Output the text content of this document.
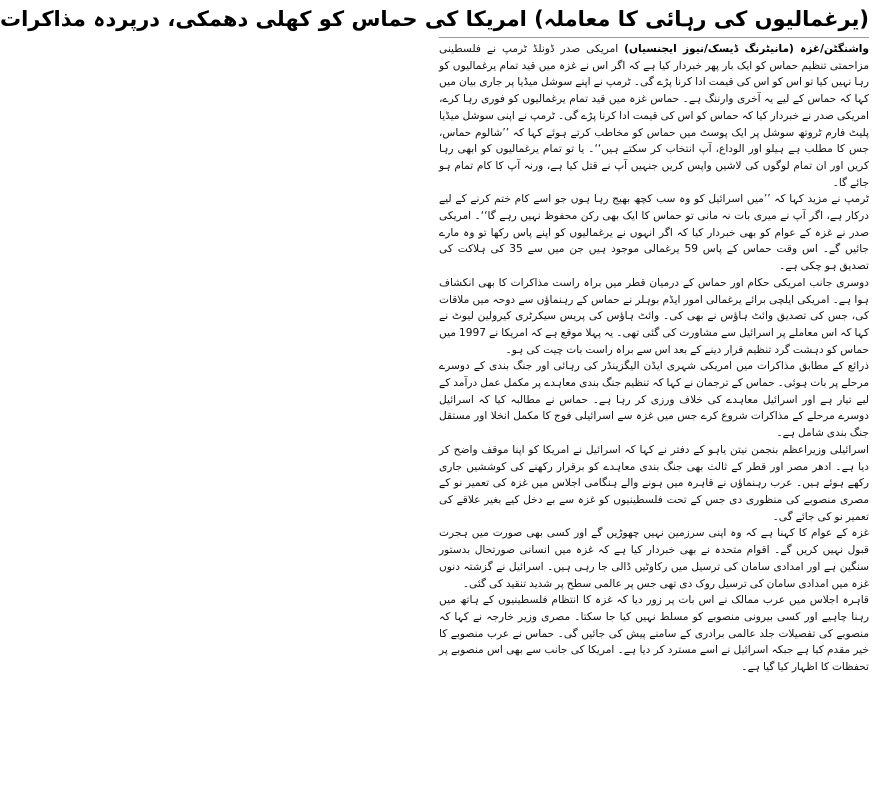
(یرغمالیوں کی رہائی کا معاملہ) امریکا کی حماس کو کھلی دھمکی، درپردہ مذاکرات

واشنگٹن/غزہ (مانیٹرنگ ڈیسک/نیوز ایجنسیاں) امریکی صدر ڈونلڈ ٹرمپ نے فلسطینی مزاحمتی تنظیم حماس کو ایک بار پھر خبردار کیا ہے کہ اگر اس نے غزہ میں قید تمام یرغمالیوں کو رہا نہیں کیا تو اس کو اس کی قیمت ادا کرنا پڑے گی۔ ٹرمپ نے اپنے سوشل میڈیا پر جاری بیان میں کہا کہ حماس کے لیے یہ آخری وارننگ ہے۔ حماس غزہ میں قید تمام یرغمالیوں کو فوری رہا کرے، امریکی صدر نے خبردار کیا کہ حماس کو اس کی قیمت ادا کرنا پڑے گی۔ ٹرمپ نے اپنی سوشل میڈیا پلیٹ فارم ٹروتھ سوشل پر ایک پوسٹ میں حماس کو مخاطب کرتے ہوئے کہا کہ ’’شالوم حماس، جس کا مطلب ہے ہیلو اور الوداع، آپ انتخاب کر سکتے ہیں‘‘۔ یا تو تمام یرغمالیوں کو ابھی رہا کریں اور ان تمام لوگوں کی لاشیں واپس کریں جنہیں آپ نے قتل کیا ہے، ورنہ آپ کا کام تمام ہو جائے گا۔

ٹرمپ نے مزید کہا کہ ’’میں اسرائیل کو وہ سب کچھ بھیج رہا ہوں جو اسے کام ختم کرنے کے لیے درکار ہے، اگر آپ نے میری بات نہ مانی تو حماس کا ایک بھی رکن محفوظ نہیں رہے گا‘‘۔ امریکی صدر نے غزہ کے عوام کو بھی خبردار کیا کہ اگر انہوں نے یرغمالیوں کو اپنے پاس رکھا تو وہ مارے جائیں گے۔ اس وقت حماس کے پاس 59 یرغمالی موجود ہیں جن میں سے 35 کی ہلاکت کی تصدیق ہو چکی ہے۔

دوسری جانب امریکی حکام اور حماس کے درمیان قطر میں براہ راست مذاکرات کا بھی انکشاف ہوا ہے۔ امریکی ایلچی برائے یرغمالی امور ایڈم بوہلر نے حماس کے رہنماؤں سے دوحہ میں ملاقات کی، جس کی تصدیق وائٹ ہاؤس نے بھی کی۔ وائٹ ہاؤس کی پریس سیکرٹری کیرولین لیوٹ نے کہا کہ اس معاملے پر اسرائیل سے مشاورت کی گئی تھی۔ یہ پہلا موقع ہے کہ امریکا نے 1997 میں حماس کو دہشت گرد تنظیم قرار دینے کے بعد اس سے براہ راست بات چیت کی ہو۔

ذرائع کے مطابق مذاکرات میں امریکی شہری ایڈن الیگزینڈر کی رہائی اور جنگ بندی کے دوسرے مرحلے پر بات ہوئی۔ حماس کے ترجمان نے کہا کہ تنظیم جنگ بندی معاہدے پر مکمل عمل درآمد کے لیے تیار ہے اور اسرائیل معاہدے کی خلاف ورزی کر رہا ہے۔ حماس نے مطالبہ کیا کہ اسرائیل دوسرے مرحلے کے مذاکرات شروع کرے جس میں غزہ سے اسرائیلی فوج کا مکمل انخلا اور مستقل جنگ بندی شامل ہے۔

اسرائیلی وزیراعظم بنجمن نیتن یاہو کے دفتر نے کہا کہ اسرائیل نے امریکا کو اپنا موقف واضح کر دیا ہے۔ ادھر مصر اور قطر کے ثالث بھی جنگ بندی معاہدے کو برقرار رکھنے کی کوششیں جاری رکھے ہوئے ہیں۔ عرب رہنماؤں نے قاہرہ میں ہونے والے ہنگامی اجلاس میں غزہ کی تعمیر نو کے مصری منصوبے کی منظوری دی جس کے تحت فلسطینیوں کو غزہ سے بے دخل کیے بغیر علاقے کی تعمیر نو کی جائے گی۔

غزہ کے عوام کا کہنا ہے کہ وہ اپنی سرزمین نہیں چھوڑیں گے اور کسی بھی صورت میں ہجرت قبول نہیں کریں گے۔ اقوام متحدہ نے بھی خبردار کیا ہے کہ غزہ میں انسانی صورتحال بدستور سنگین ہے اور امدادی سامان کی ترسیل میں رکاوٹیں ڈالی جا رہی ہیں۔ اسرائیل نے گزشتہ دنوں غزہ میں امدادی سامان کی ترسیل روک دی تھی جس پر عالمی سطح پر شدید تنقید کی گئی۔

قاہرہ اجلاس میں عرب ممالک نے اس بات پر زور دیا کہ غزہ کا انتظام فلسطینیوں کے ہاتھ میں رہنا چاہیے اور کسی بیرونی منصوبے کو مسلط نہیں کیا جا سکتا۔ مصری وزیر خارجہ نے کہا کہ منصوبے کی تفصیلات جلد عالمی برادری کے سامنے پیش کی جائیں گی۔ حماس نے عرب منصوبے کا خیر مقدم کیا ہے جبکہ اسرائیل نے اسے مسترد کر دیا ہے۔ امریکا کی جانب سے بھی اس منصوبے پر تحفظات کا اظہار کیا گیا ہے۔
